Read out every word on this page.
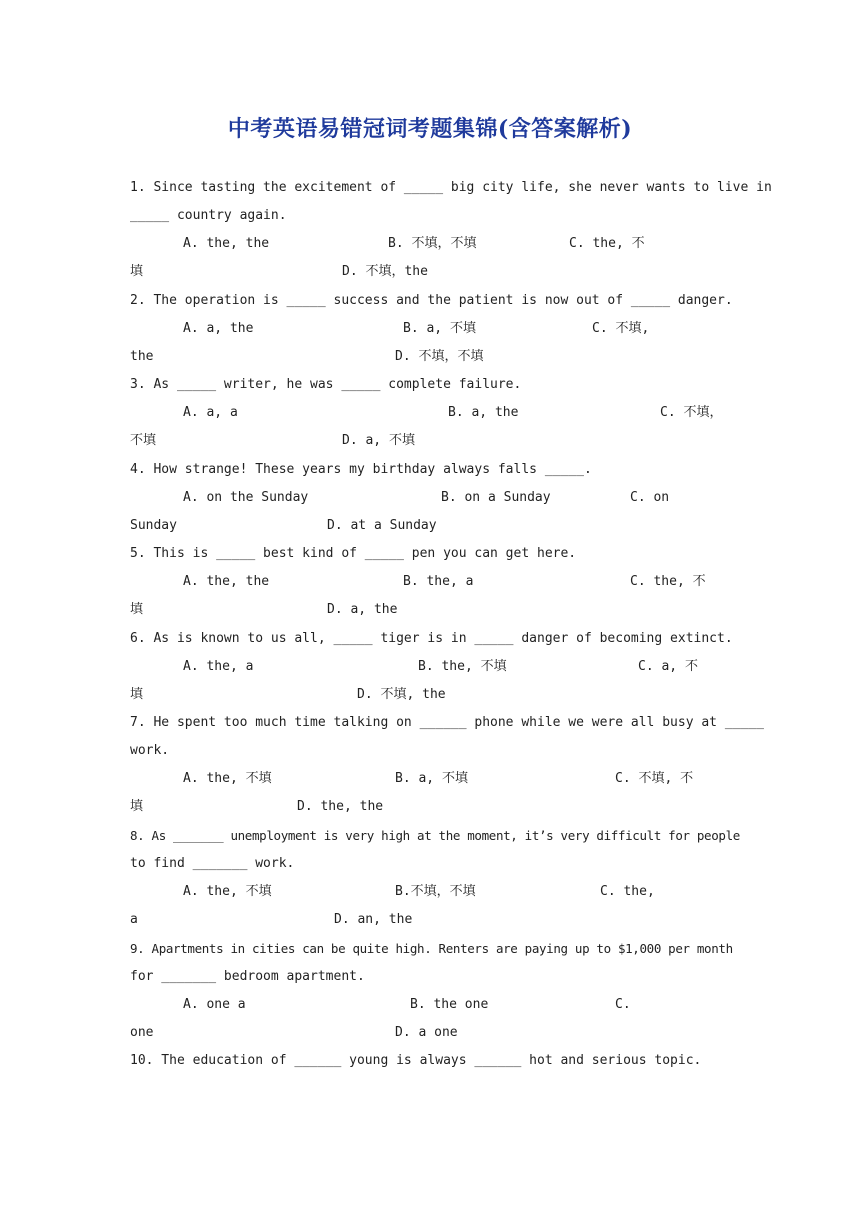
中考英语易错冠词考题集锦(含答案解析)
1. Since tasting the excitement of _____ big city life, she never wants to live in
_____ country again.
A. the, the	B. 不填，不填	C. the, 不
填	D. 不填，the
2. The operation is _____ success and the patient is now out of _____ danger.
A. a, the	B. a, 不填	C. 不填,
the	D. 不填，不填
3. As _____ writer, he was _____ complete failure.
A. a, a	B. a, the	C. 不填，
不填	D. a, 不填
4. How strange! These years my birthday always falls _____.
A. on the Sunday	B. on a Sunday	C. on
Sunday	D. at a Sunday
5. This is _____ best kind of _____ pen you can get here.
A. the, the	B. the, a	C. the, 不
填	D. a, the
6. As is known to us all, _____ tiger is in _____ danger of becoming extinct.
A. the, a	B. the, 不填	C. a, 不
填	D. 不填, the
7. He spent too much time talking on ______ phone while we were all busy at _____
work.
A. the, 不填	B. a, 不填	C. 不填, 不
填	D. the, the
8. As _______ unemployment is very high at the moment, it’s very difficult for people
to find _______ work.
A. the, 不填	B.不填，不填	C. the,
a	D. an, the
9. Apartments in cities can be quite high. Renters are paying up to $1,000 per month
for _______ bedroom apartment.
A. one a	B. the one	C.
one	D. a one
10. The education of ______ young is always ______ hot and serious topic.
